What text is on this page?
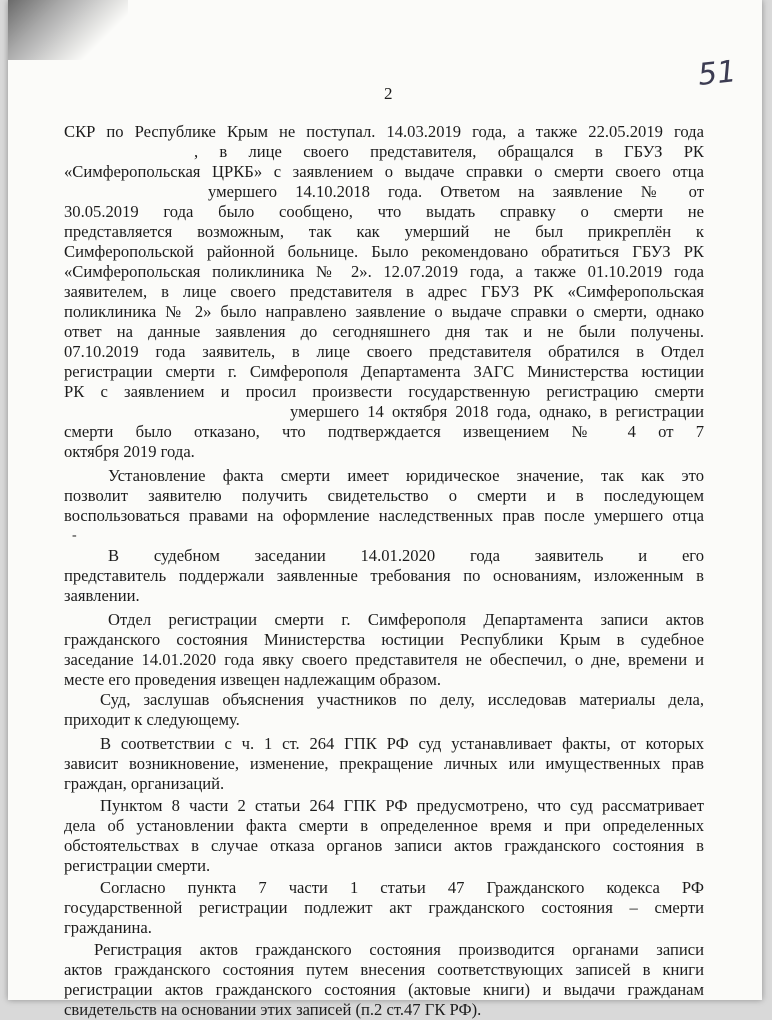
2
51
-
СКР по Республике Крым не поступал. 14.03.2019 года, а также 22.05.2019 года
, в лице своего представителя, обращался в ГБУЗ РК
«Симферопольская ЦРКБ» с заявлением о выдаче справки о смерти своего отца
умершего 14.10.2018 года. Ответом на заявление № от
30.05.2019 года было сообщено, что выдать справку о смерти не
представляется возможным, так как умерший не был прикреплён к
Симферопольской районной больнице. Было рекомендовано обратиться ГБУЗ РК
«Симферопольская поликлиника № 2». 12.07.2019 года, а также 01.10.2019 года
заявителем, в лице своего представителя в адрес ГБУЗ РК «Симферопольская
поликлиника № 2» было направлено заявление о выдаче справки о смерти, однако
ответ на данные заявления до сегодняшнего дня так и не были получены.
07.10.2019 года заявитель, в лице своего представителя обратился в Отдел
регистрации смерти г. Симферополя Департамента ЗАГС Министерства юстиции
РК с заявлением и просил произвести государственную регистрацию смерти
умершего 14 октября 2018 года, однако, в регистрации
смерти было отказано, что подтверждается извещением № 4 от 7
октября 2019 года.
Установление факта смерти имеет юридическое значение, так как это
позволит заявителю получить свидетельство о смерти и в последующем
воспользоваться правами на оформление наследственных прав после умершего отца
В судебном заседании 14.01.2020 года заявитель и его
представитель поддержали заявленные требования по основаниям, изложенным в
заявлении.
Отдел регистрации смерти г. Симферополя Департамента записи актов
гражданского состояния Министерства юстиции Республики Крым в судебное
заседание 14.01.2020 года явку своего представителя не обеспечил, о дне, времени и
месте его проведения извещен надлежащим образом.
Суд, заслушав объяснения участников по делу, исследовав материалы дела,
приходит к следующему.
В соответствии с ч. 1 ст. 264 ГПК РФ суд устанавливает факты, от которых
зависит возникновение, изменение, прекращение личных или имущественных прав
граждан, организаций.
Пунктом 8 части 2 статьи 264 ГПК РФ предусмотрено, что суд рассматривает
дела об установлении факта смерти в определенное время и при определенных
обстоятельствах в случае отказа органов записи актов гражданского состояния в
регистрации смерти.
Согласно пункта 7 части 1 статьи 47 Гражданского кодекса РФ
государственной регистрации подлежит акт гражданского состояния – смерти
гражданина.
Регистрация актов гражданского состояния производится органами записи
актов гражданского состояния путем внесения соответствующих записей в книги
регистрации актов гражданского состояния (актовые книги) и выдачи гражданам
свидетельств на основании этих записей (п.2 ст.47 ГК РФ).
